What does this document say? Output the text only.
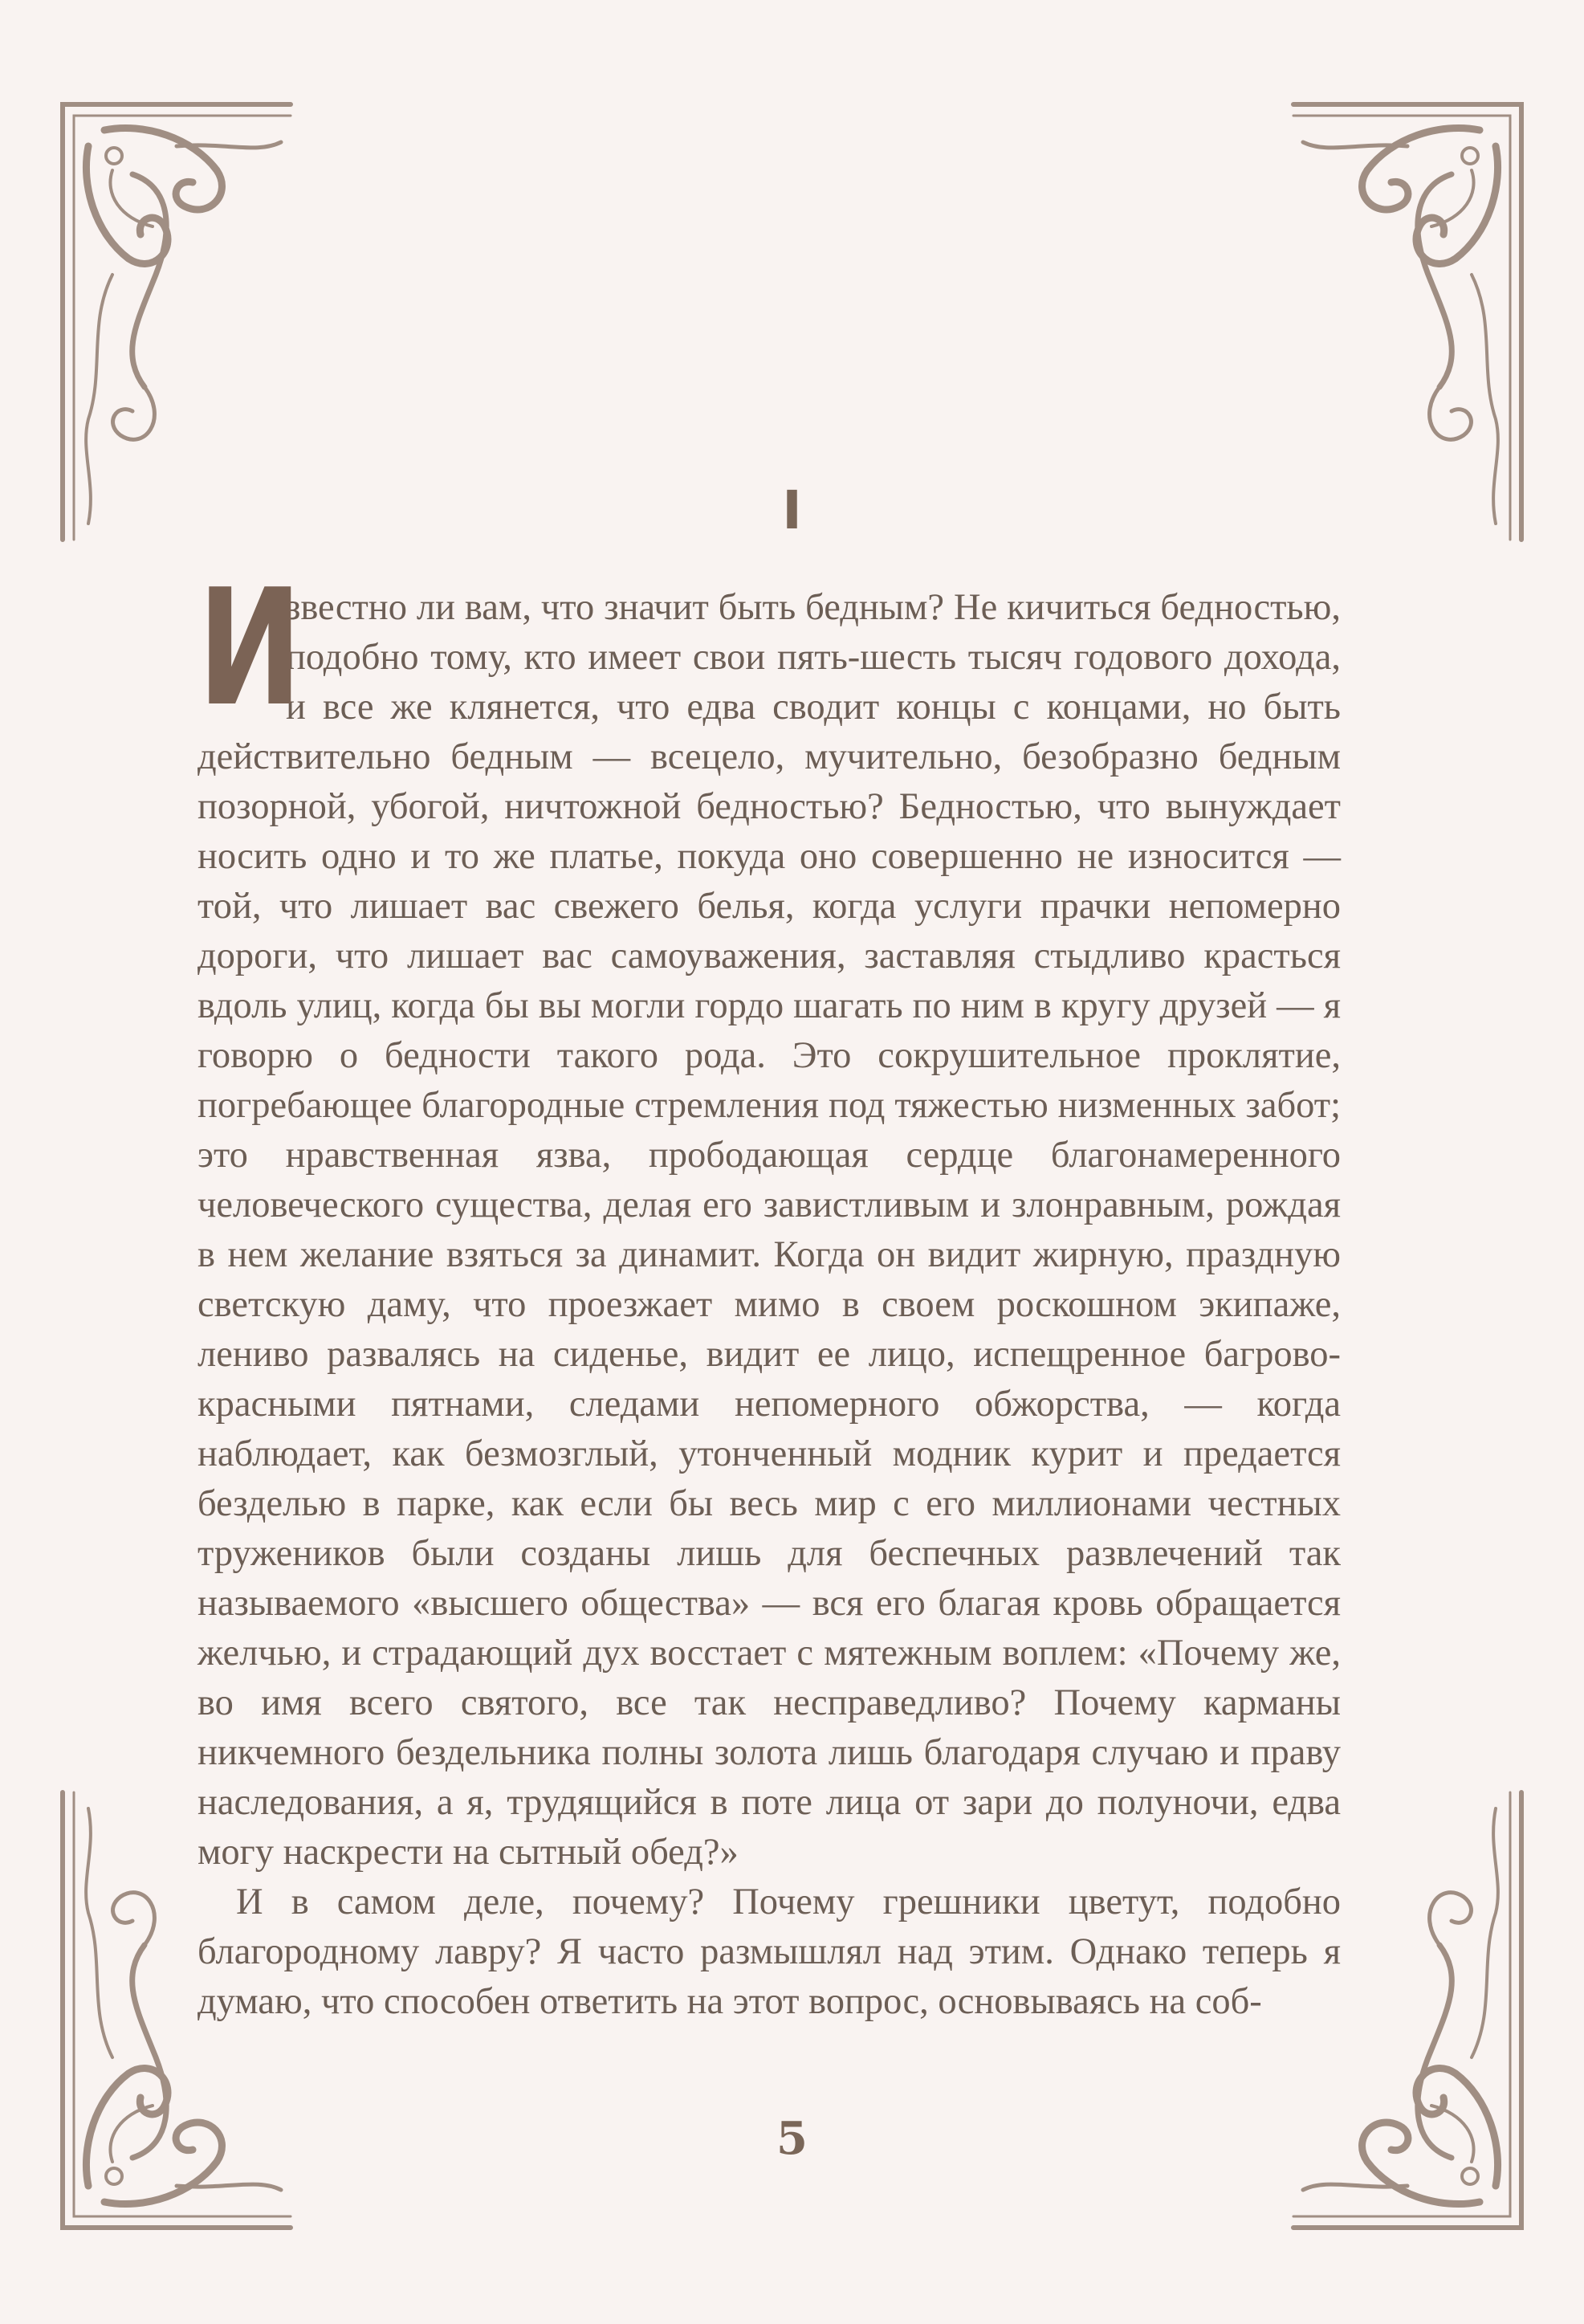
I

И
звестно ли вам, что значит быть бедным? Не кичиться бедностью, подобно тому, кто имеет свои пять-шесть тысяч годового дохода, и все же клянется, что едва сводит концы с концами, но быть действительно бедным — всецело, мучительно, безобразно бедным позорной, убогой, ничтожной бедностью? Бедностью, что вынуждает носить одно и то же платье, покуда оно совершенно не износится — той, что лишает вас свежего белья, когда услуги прачки непомерно дороги, что лишает вас самоуважения, заставляя стыдливо красться вдоль улиц, когда бы вы могли гордо шагать по ним в кругу друзей — я говорю о бедности такого рода. Это сокрушительное проклятие, погребающее благородные стремления под тяжестью низменных забот; это нравственная язва, прободающая сердце благонамеренного человеческого существа, делая его завистливым и злонравным, рождая в нем желание взяться за динамит. Когда он видит жирную, праздную светскую даму, что проезжает мимо в своем роскошном экипаже, лениво развалясь на сиденье, видит ее лицо, испещренное багрово-красными пятнами, следами непомерного обжорства, — когда наблюдает, как безмозглый, утонченный модник курит и предается безделью в парке, как если бы весь мир с его миллионами честных тружеников были созданы лишь для беспечных развлечений так называемого «высшего общества» — вся его благая кровь обращается желчью, и страдающий дух восстает с мятежным воплем: «Почему же, во имя всего святого, все так несправедливо? Почему карманы никчемного бездельника полны золота лишь благодаря случаю и праву наследования, а я, трудящийся в поте лица от зари до полуночи, едва могу наскрести на сытный обед?»

И в самом деле, почему? Почему грешники цветут, подобно благородному лавру? Я часто размышлял над этим. Однако теперь я думаю, что способен ответить на этот вопрос, основываясь на соб-

5
